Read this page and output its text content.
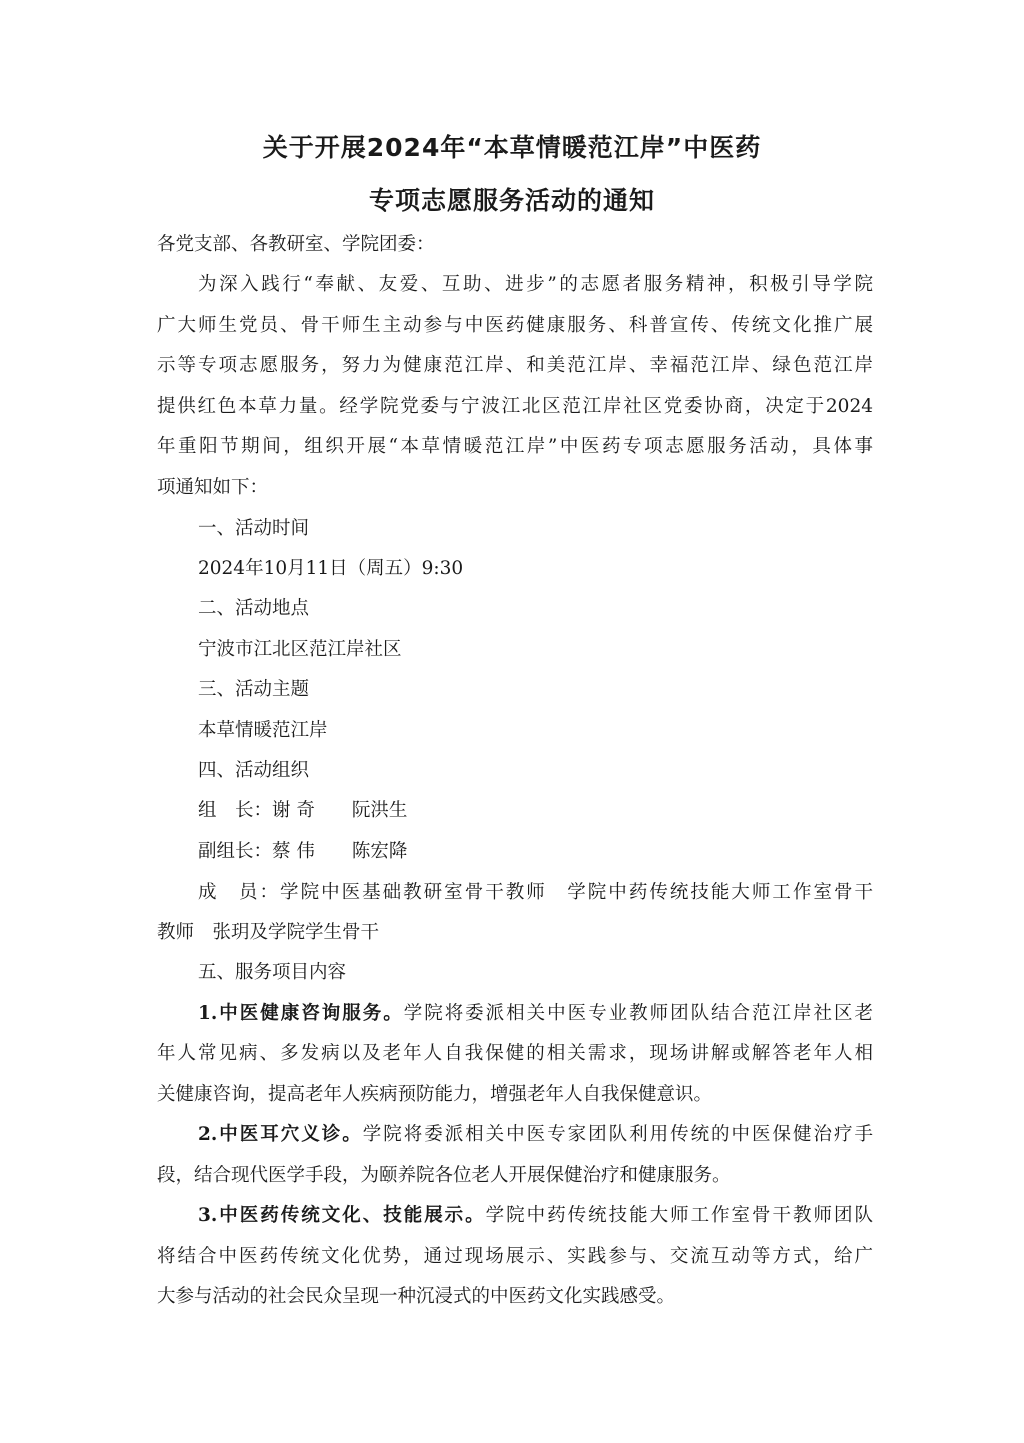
关于开展2024年“本草情暖范江岸”中医药
专项志愿服务活动的通知
各党支部、各教研室、学院团委：
为深入践行“奉献、友爱、互助、进步”的志愿者服务精神，积极引导学院
广大师生党员、骨干师生主动参与中医药健康服务、科普宣传、传统文化推广展
示等专项志愿服务，努力为健康范江岸、和美范江岸、幸福范江岸、绿色范江岸
提供红色本草力量。经学院党委与宁波江北区范江岸社区党委协商，决定于2024
年重阳节期间，组织开展“本草情暖范江岸”中医药专项志愿服务活动，具体事
项通知如下：
一、活动时间
2024年10月11日（周五）9:30
二、活动地点
宁波市江北区范江岸社区
三、活动主题
本草情暖范江岸
四、活动组织
组　长：谢 奇　　阮洪生
副组长：蔡 伟　　陈宏降
成　员：学院中医基础教研室骨干教师　学院中药传统技能大师工作室骨干
教师　张玥及学院学生骨干
五、服务项目内容
1.中医健康咨询服务。学院将委派相关中医专业教师团队结合范江岸社区老
年人常见病、多发病以及老年人自我保健的相关需求，现场讲解或解答老年人相
关健康咨询，提高老年人疾病预防能力，增强老年人自我保健意识。
2.中医耳穴义诊。学院将委派相关中医专家团队利用传统的中医保健治疗手
段，结合现代医学手段，为颐养院各位老人开展保健治疗和健康服务。
3.中医药传统文化、技能展示。学院中药传统技能大师工作室骨干教师团队
将结合中医药传统文化优势，通过现场展示、实践参与、交流互动等方式，给广
大参与活动的社会民众呈现一种沉浸式的中医药文化实践感受。
